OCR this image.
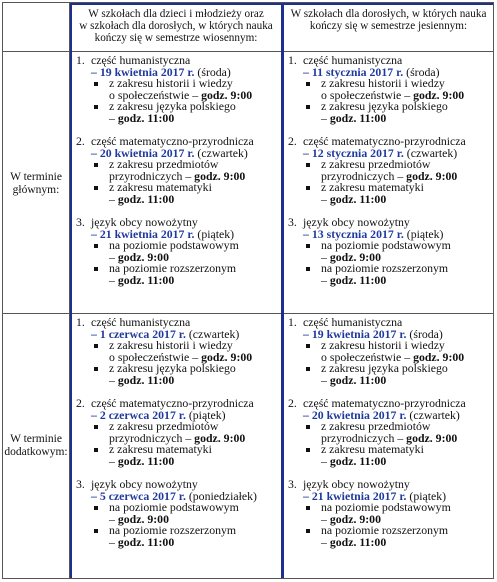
W szkołach dla dzieci i młodzieży oraz
w szkołach dla dorosłych, w których nauka
kończy się w semestrze wiosennym:
W szkołach dla dorosłych, w których nauka
kończy się w semestrze jesiennym:
W terminie
głównym:
W terminie
dodatkowym:
1. część humanistyczna
– 19 kwietnia 2017 r. (środa)
z zakresu historii i wiedzy
o społeczeństwie – godz. 9:00
z zakresu języka polskiego
– godz. 11:00
2. część matematyczno-przyrodnicza
– 20 kwietnia 2017 r. (czwartek)
z zakresu przedmiotów
przyrodniczych – godz. 9:00
z zakresu matematyki
– godz. 11:00
3. język obcy nowożytny
– 21 kwietnia 2017 r. (piątek)
na poziomie podstawowym
– godz. 9:00
na poziomie rozszerzonym
– godz. 11:00
1. część humanistyczna
– 11 stycznia 2017 r. (środa)
z zakresu historii i wiedzy
o społeczeństwie – godz. 9:00
z zakresu języka polskiego
– godz. 11:00
2. część matematyczno-przyrodnicza
– 12 stycznia 2017 r. (czwartek)
z zakresu przedmiotów
przyrodniczych – godz. 9:00
z zakresu matematyki
– godz. 11:00
3. język obcy nowożytny
– 13 stycznia 2017 r. (piątek)
na poziomie podstawowym
– godz. 9:00
na poziomie rozszerzonym
– godz. 11:00
1. część humanistyczna
– 1 czerwca 2017 r. (czwartek)
z zakresu historii i wiedzy
o społeczeństwie – godz. 9:00
z zakresu języka polskiego
– godz. 11:00
2. część matematyczno-przyrodnicza
– 2 czerwca 2017 r. (piątek)
z zakresu przedmiotów
przyrodniczych – godz. 9:00
z zakresu matematyki
– godz. 11:00
3. język obcy nowożytny
– 5 czerwca 2017 r. (poniedziałek)
na poziomie podstawowym
– godz. 9:00
na poziomie rozszerzonym
– godz. 11:00
1. część humanistyczna
– 19 kwietnia 2017 r. (środa)
z zakresu historii i wiedzy
o społeczeństwie – godz. 9:00
z zakresu języka polskiego
– godz. 11:00
2. część matematyczno-przyrodnicza
– 20 kwietnia 2017 r. (czwartek)
z zakresu przedmiotów
przyrodniczych – godz. 9:00
z zakresu matematyki
– godz. 11:00
3. język obcy nowożytny
– 21 kwietnia 2017 r. (piątek)
na poziomie podstawowym
– godz. 9:00
na poziomie rozszerzonym
– godz. 11:00
